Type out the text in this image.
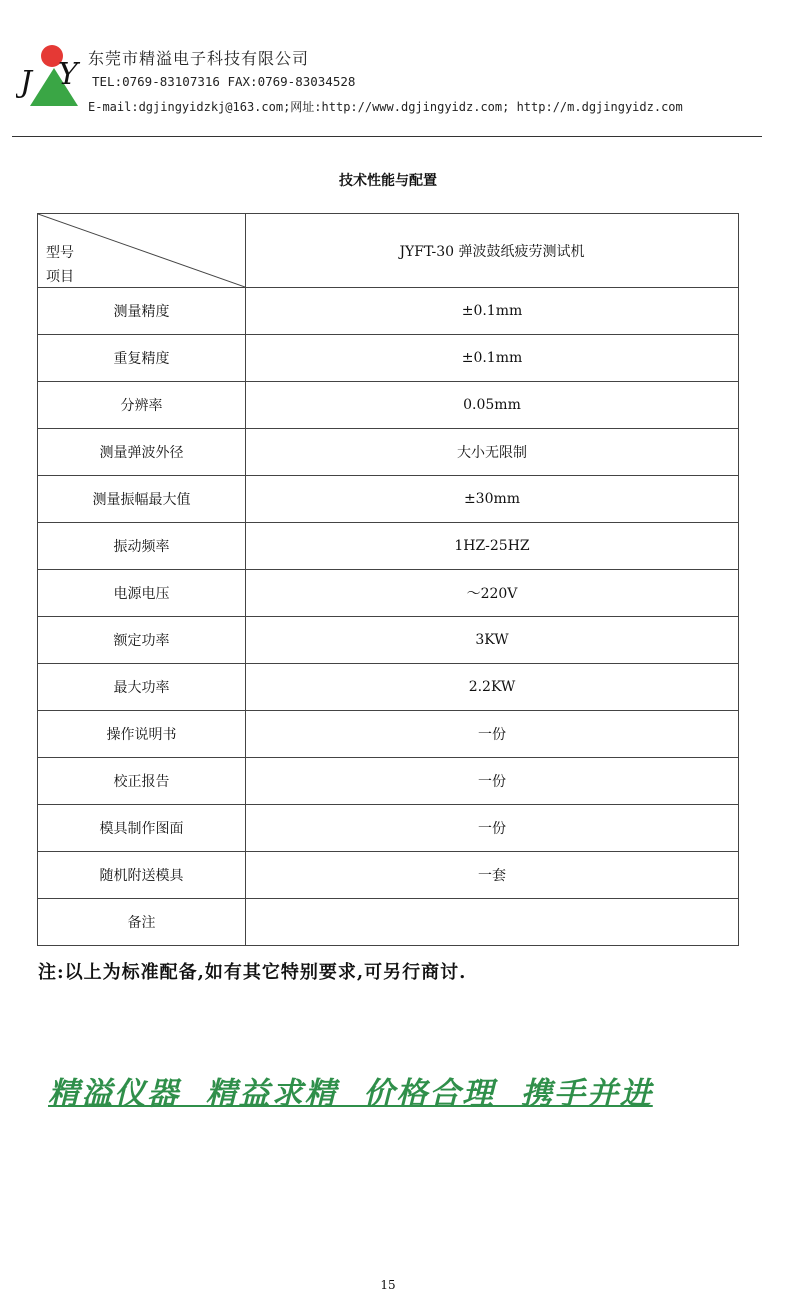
J Y 东莞市精溢电子科技有限公司
TEL:0769-83107316 FAX:0769-83034528
E-mail:dgjingyidzkj@163.com;网址:http://www.dgjingyidz.com; http://m.dgjingyidz.com
技术性能与配置
型号
项目	JYFT-30 弹波鼓纸疲劳测试机
测量精度	±0.1mm
重复精度	±0.1mm
分辨率	0.05mm
测量弹波外径	大小无限制
测量振幅最大值	±30mm
振动频率	1HZ-25HZ
电源电压	～220V
额定功率	3KW
最大功率	2.2KW
操作说明书	一份
校正报告	一份
模具制作图面	一份
随机附送模具	一套
备注	
注:以上为标准配备,如有其它特别要求,可另行商讨.
精溢仪器  精益求精  价格合理  携手并进
15
